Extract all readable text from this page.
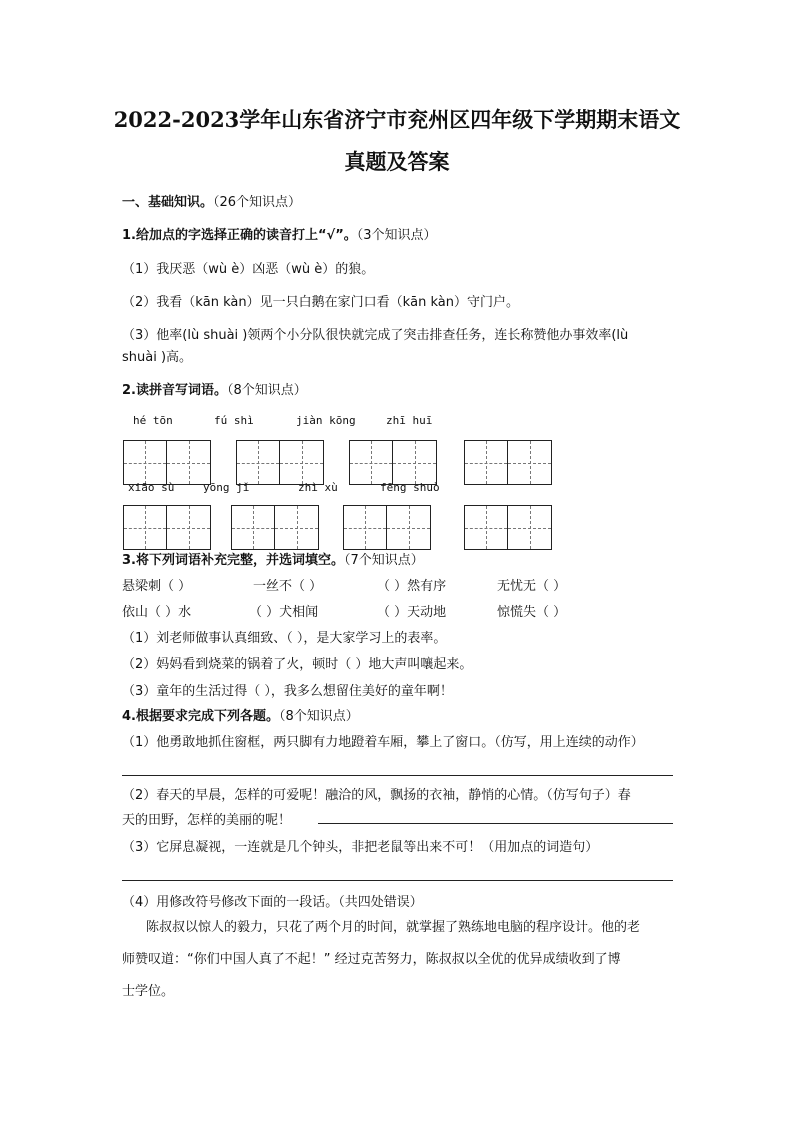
2022-2023学年山东省济宁市兖州区四年级下学期期末语文
真题及答案
一、基础知识。（26个知识点）
1.给加点的字选择正确的读音打上“√”。（3个知识点）
（1）我厌恶（wù è）凶恶（wù è）的狼。
（2）我看（kān kàn）见一只白鹅在家门口看（kān kàn）守门户。
（3）他率(lù shuài )领两个小分队很快就完成了突击排查任务，连长称赞他办事效率(lù
shuài )高。
2.读拼音写词语。（8个知识点）
hé tōn	fú shì	jiàn kōng	zhī huī
xiāo sù	yōng jǐ	zhì xù	fēng shuò
3.将下列词语补充完整，并选词填空。（7个知识点）
悬梁刺（ ）	一丝不（ ）	（ ）然有序	无忧无（ ）
依山（ ）水	（ ）犬相闻	（ ）天动地	惊慌失（ ）
（1）刘老师做事认真细致、（ ），是大家学习上的表率。
（2）妈妈看到烧菜的锅着了火，顿时（ ）地大声叫嚷起来。
（3）童年的生活过得（ ），我多么想留住美好的童年啊！
4.根据要求完成下列各题。（8个知识点）
（1）他勇敢地抓住窗框，两只脚有力地蹬着车厢，攀上了窗口。（仿写，用上连续的动作）
（2）春天的早晨，怎样的可爱呢！融洽的风，飘扬的衣袖，静悄的心情。（仿写句子）春
天的田野，怎样的美丽的呢！
（3）它屏息凝视，一连就是几个钟头，非把老鼠等出来不可！（用加点的词造句）
（4）用修改符号修改下面的一段话。（共四处错误）
陈叔叔以惊人的毅力，只花了两个月的时间，就掌握了熟练地电脑的程序设计。他的老
师赞叹道：“你们中国人真了不起！” 经过克苦努力，陈叔叔以全优的优异成绩收到了博
士学位。
